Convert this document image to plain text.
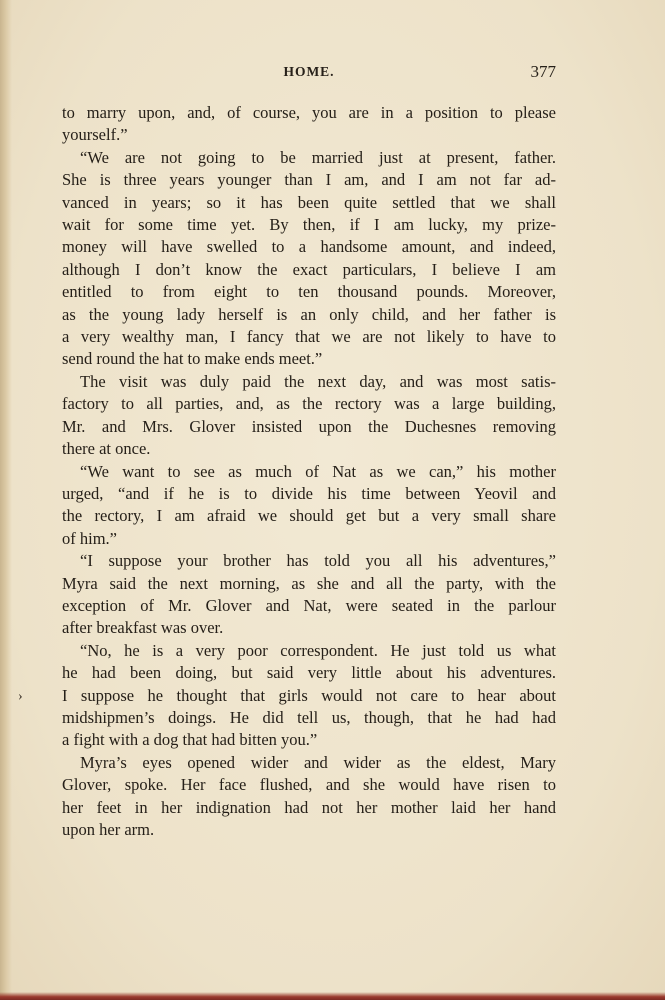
HOME.	377
›
to marry upon, and, of course, you are in a position to please
yourself.”
“We are not going to be married just at present, father.
She is three years younger than I am, and I am not far ad-
vanced in years; so it has been quite settled that we shall
wait for some time yet. By then, if I am lucky, my prize-
money will have swelled to a handsome amount, and indeed,
although I don’t know the exact particulars, I believe I am
entitled to from eight to ten thousand pounds. Moreover,
as the young lady herself is an only child, and her father is
a very wealthy man, I fancy that we are not likely to have to
send round the hat to make ends meet.”
The visit was duly paid the next day, and was most satis-
factory to all parties, and, as the rectory was a large building,
Mr. and Mrs. Glover insisted upon the Duchesnes removing
there at once.
“We want to see as much of Nat as we can,” his mother
urged, “and if he is to divide his time between Yeovil and
the rectory, I am afraid we should get but a very small share
of him.”
“I suppose your brother has told you all his adventures,”
Myra said the next morning, as she and all the party, with the
exception of Mr. Glover and Nat, were seated in the parlour
after breakfast was over.
“No, he is a very poor correspondent. He just told us what
he had been doing, but said very little about his adventures.
I suppose he thought that girls would not care to hear about
midshipmen’s doings. He did tell us, though, that he had had
a fight with a dog that had bitten you.”
Myra’s eyes opened wider and wider as the eldest, Mary
Glover, spoke. Her face flushed, and she would have risen to
her feet in her indignation had not her mother laid her hand
upon her arm.
